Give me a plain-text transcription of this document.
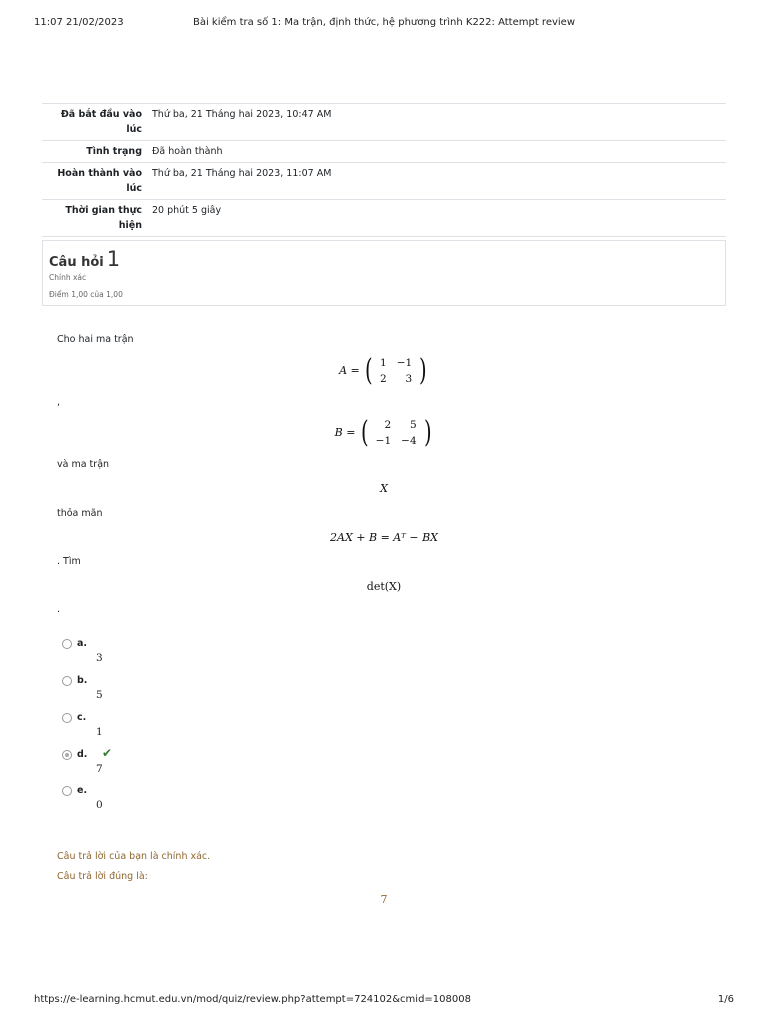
11:07 21/02/2023	Bài kiểm tra số 1: Ma trận, định thức, hệ phương trình K222: Attempt review
Đã bắt đầu vào lúc	Thứ ba, 21 Tháng hai 2023, 10:47 AM
Tình trạng	Đã hoàn thành
Hoàn thành vào lúc	Thứ ba, 21 Tháng hai 2023, 11:07 AM
Thời gian thực hiện	20 phút 5 giây

Câu hỏi 1
Chính xác
Điểm 1,00 của 1,00
Cho hai ma trận
A = ( 1	−1
2	3 )
,
B = ( 2	5
−1	−4 )
và ma trận
X
thỏa mãn
2AX + B = Aᵀ − BX
. Tìm
det(X)
.
a.
3
b.
5
c.
1
d. ✔
7
e.
0
Câu trả lời của bạn là chính xác.
Câu trả lời đúng là:
7
https://e-learning.hcmut.edu.vn/mod/quiz/review.php?attempt=724102&cmid=108008	1/6
